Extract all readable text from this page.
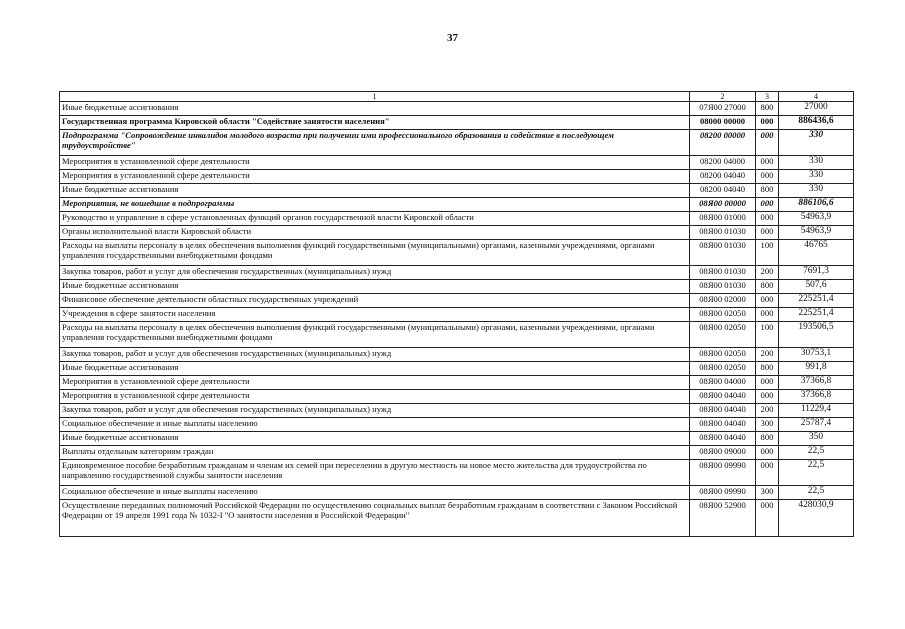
37
1	2	3	4
Иные бюджетные ассигнования	07Я00 27000	800	27000
Государственная программа Кировской области "Содействие занятости населения"	08000 00000	000	886436,6
Подпрограмма "Сопровождение инвалидов молодого возраста при получении ими профессионального образования и содействие в последующем трудоустройстве"	08200 00000	000	330
Мероприятия в установленной сфере деятельности	08200 04000	000	330
Мероприятия в установленной сфере деятельности	08200 04040	000	330
Иные бюджетные ассигнования	08200 04040	800	330
Мероприятия, не вошедшие в подпрограммы	08Я00 00000	000	886106,6
Руководство и управление в сфере установленных функций органов государственной власти Кировской области	08Я00 01000	000	54963,9
Органы исполнительной власти Кировской области	08Я00 01030	000	54963,9
Расходы на выплаты персоналу в целях обеспечения выполнения функций государственными (муниципальными) органами, казенными учреждениями, органами управления государственными внебюджетными фондами	08Я00 01030	100	46765
Закупка товаров, работ и услуг для обеспечения государственных (муниципальных) нужд	08Я00 01030	200	7691,3
Иные бюджетные ассигнования	08Я00 01030	800	507,6
Финансовое обеспечение деятельности областных государственных учреждений	08Я00 02000	000	225251,4
Учреждения в сфере занятости населения	08Я00 02050	000	225251,4
Расходы на выплаты персоналу в целях обеспечения выполнения функций государственными (муниципальными) органами, казенными учреждениями, органами управления государственными внебюджетными фондами	08Я00 02050	100	193506,5
Закупка товаров, работ и услуг для обеспечения государственных (муниципальных) нужд	08Я00 02050	200	30753,1
Иные бюджетные ассигнования	08Я00 02050	800	991,8
Мероприятия в установленной сфере деятельности	08Я00 04000	000	37366,8
Мероприятия в установленной сфере деятельности	08Я00 04040	000	37366,8
Закупка товаров, работ и услуг для обеспечения государственных (муниципальных) нужд	08Я00 04040	200	11229,4
Социальное обеспечение и иные выплаты населению	08Я00 04040	300	25787,4
Иные бюджетные ассигнования	08Я00 04040	800	350
Выплаты отдельным категориям граждан	08Я00 09000	000	22,5
Единовременное пособие безработным гражданам и членам их семей при переселении в другую местность на новое место жительства для трудоустройства по направлению государственной службы занятости населения	08Я00 09990	000	22,5
Социальное обеспечение и иные выплаты населению	08Я00 09990	300	22,5
Осуществление переданных полномочий Российской Федерации по осуществлению социальных выплат безработным гражданам в соответствии с Законом Российской Федерации от 19 апреля 1991 года № 1032-I "О занятости населения в Российской Федерации"	08Я00 52900	000	428030,9
